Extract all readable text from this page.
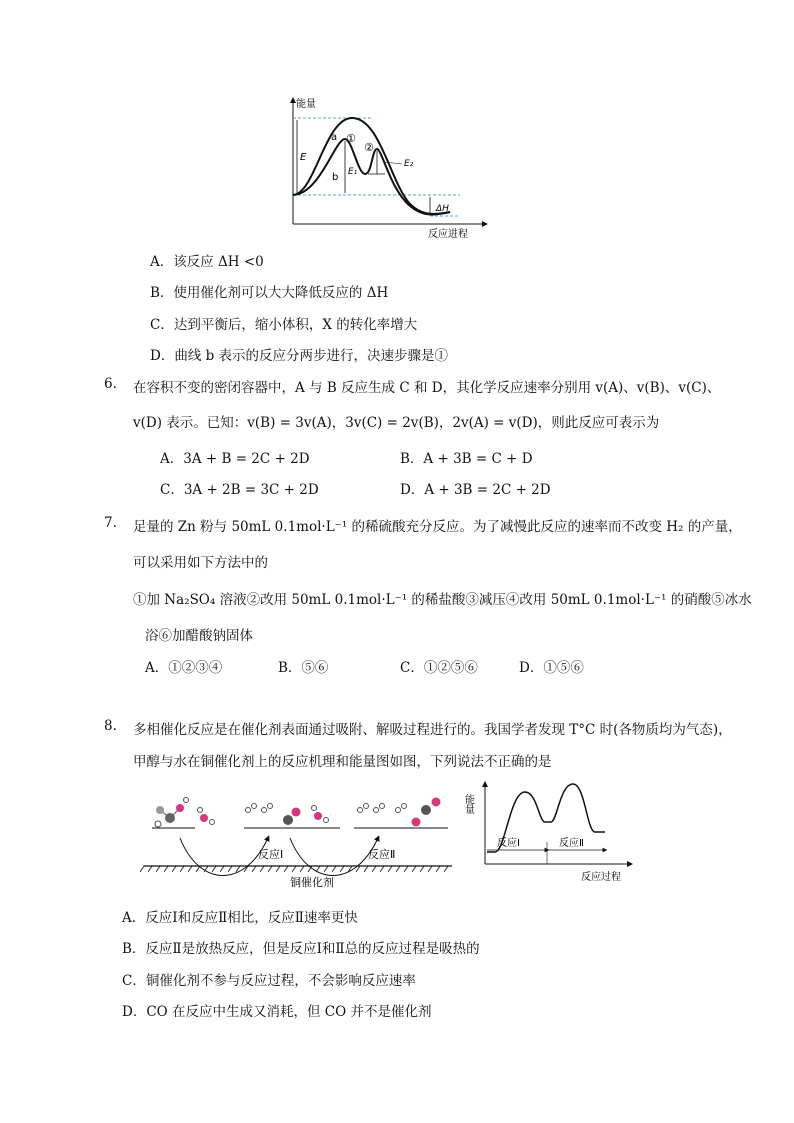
能量
反应进程
E
E₁
E₂
ΔH
a
b
①
②
A．该反应 ΔH <0
B．使用催化剂可以大大降低反应的 ΔH
C．达到平衡后，缩小体积，X 的转化率增大
D．曲线 b 表示的反应分两步进行，决速步骤是①
6. 在容积不变的密闭容器中，A 与 B 反应生成 C 和 D，其化学反应速率分别用 v(A)、v(B)、v(C)、
v(D) 表示。已知：v(B) = 3v(A)，3v(C) = 2v(B)，2v(A) = v(D)，则此反应可表示为
A．3A + B = 2C + 2D	B．A + 3B = C + D
C．3A + 2B = 3C + 2D	D．A + 3B = 2C + 2D
7. 足量的 Zn 粉与 50mL 0.1mol·L⁻¹ 的稀硫酸充分反应。为了减慢此反应的速率而不改变 H₂ 的产量，
可以采用如下方法中的
①加 Na₂SO₄ 溶液②改用 50mL 0.1mol·L⁻¹ 的稀盐酸③减压④改用 50mL 0.1mol·L⁻¹ 的硝酸⑤冰水
浴⑥加醋酸钠固体
A．①②③④	B．⑤⑥	C．①②⑤⑥	D．①⑤⑥
8. 多相催化反应是在催化剂表面通过吸附、解吸过程进行的。我国学者发现 T°C 时(各物质均为气态)，
甲醇与水在铜催化剂上的反应机理和能量图如图，下列说法不正确的是
反应Ⅰ	反应Ⅱ
铜催化剂
能量
反应Ⅰ	反应Ⅱ
反应过程
A．反应Ⅰ和反应Ⅱ相比，反应Ⅱ速率更快
B．反应Ⅱ是放热反应，但是反应Ⅰ和Ⅱ总的反应过程是吸热的
C．铜催化剂不参与反应过程，不会影响反应速率
D．CO 在反应中生成又消耗，但 CO 并不是催化剂
